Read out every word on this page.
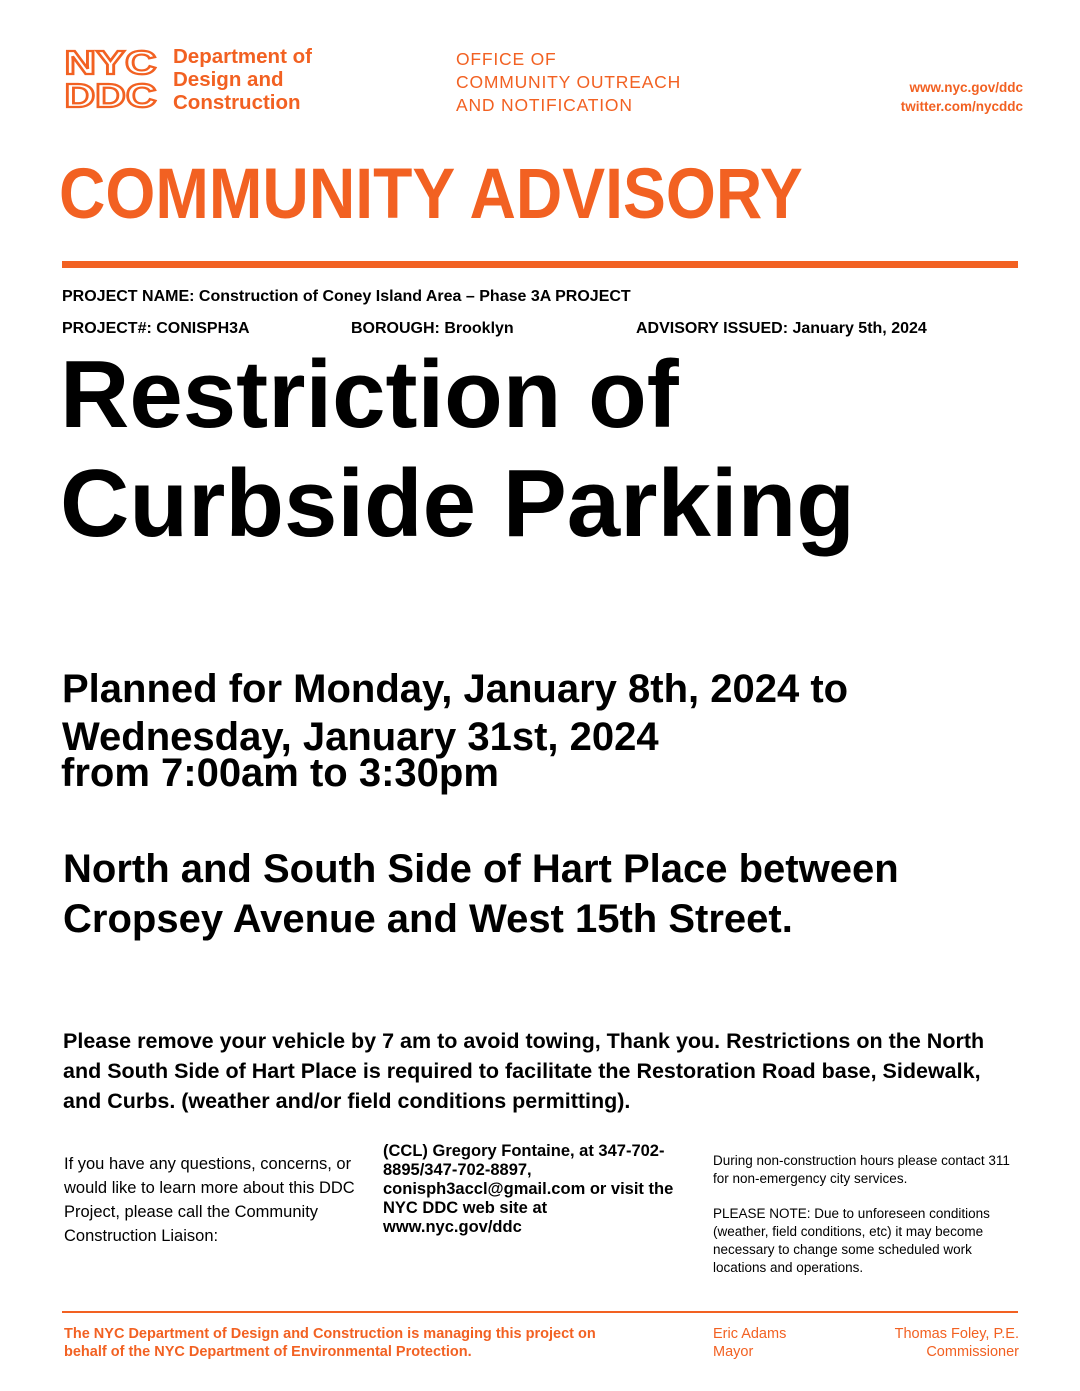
NYC
DDC
Department of
Design and
Construction
OFFICE OF
COMMUNITY OUTREACH
AND NOTIFICATION
www.nyc.gov/ddc
twitter.com/nycddc
COMMUNITY ADVISORY
PROJECT NAME: Construction of Coney Island Area – Phase 3A PROJECT
PROJECT#: CONISPH3A	BOROUGH: Brooklyn	ADVISORY ISSUED: January 5th, 2024
Restriction of
Curbside Parking
Planned for Monday, January 8th, 2024 to
Wednesday, January 31st, 2024
from 7:00am to 3:30pm

North and South Side of Hart Place between Cropsey Avenue and West 15th Street.

Please remove your vehicle by 7 am to avoid towing, Thank you. Restrictions on the North and South Side of Hart Place is required to facilitate the Restoration Road base, Sidewalk, and Curbs. (weather and/or field conditions permitting).

If you have any questions, concerns, or would like to learn more about this DDC Project, please call the Community Construction Liaison:
(CCL) Gregory Fontaine, at 347-702-8895/347-702-8897, conisph3accl@gmail.com or visit the NYC DDC web site at www.nyc.gov/ddc

During non-construction hours please contact 311 for non-emergency city services.

PLEASE NOTE: Due to unforeseen conditions (weather, field conditions, etc) it may become necessary to change some scheduled work locations and operations.

The NYC Department of Design and Construction is managing this project on behalf of the NYC Department of Environmental Protection.
Eric Adams
Mayor
Thomas Foley, P.E.
Commissioner
